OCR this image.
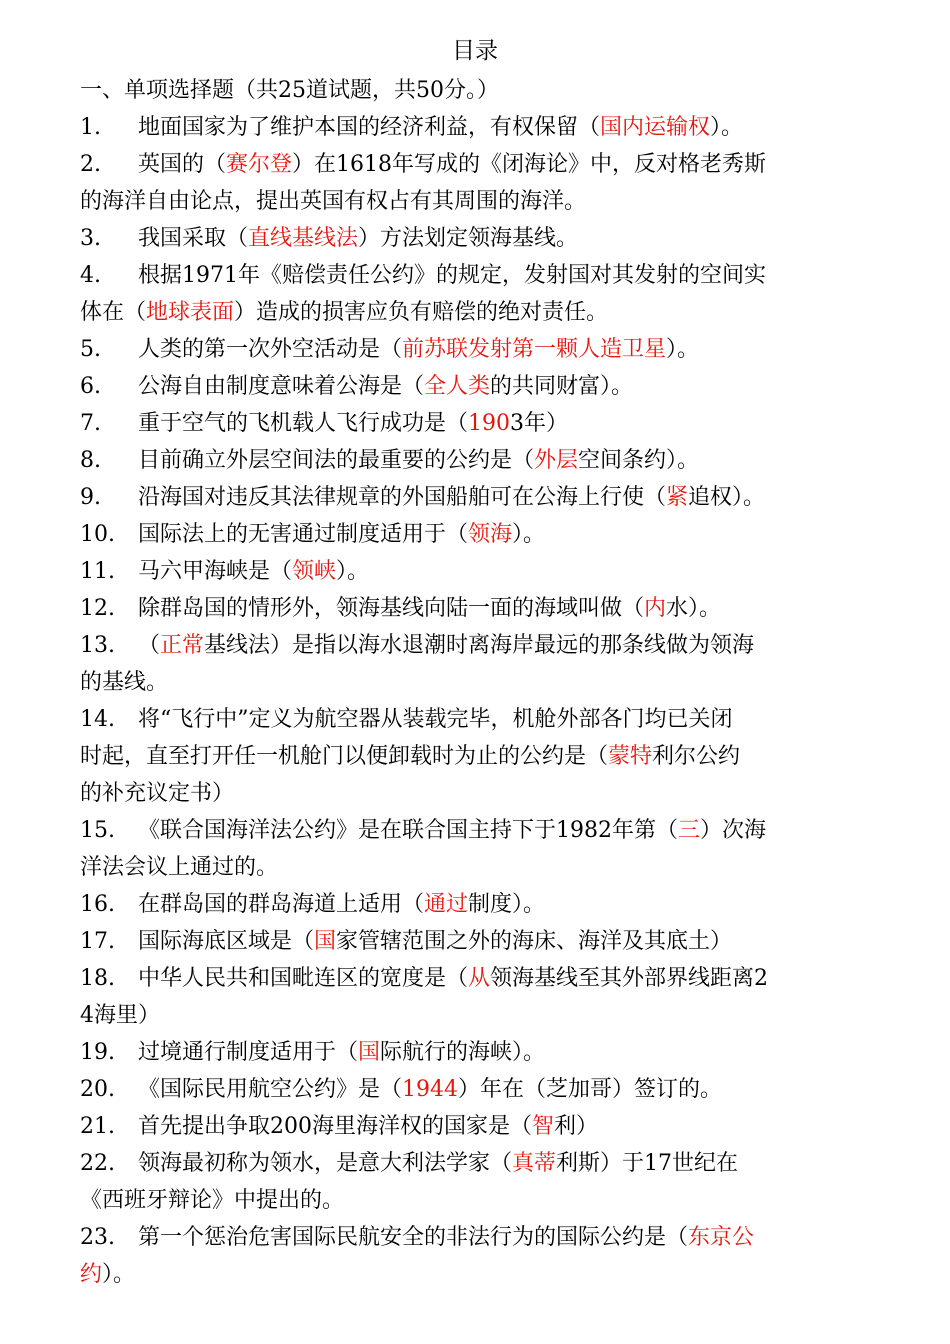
目录
一、单项选择题（共25道试题，共50分。）
1. 地面国家为了维护本国的经济利益，有权保留（国内运输权）。
2. 英国的（赛尔登）在1618年写成的《闭海论》中，反对格老秀斯
的海洋自由论点，提出英国有权占有其周围的海洋。
3. 我国采取（直线基线法）方法划定领海基线。
4. 根据1971年《赔偿责任公约》的规定，发射国对其发射的空间实
体在（地球表面）造成的损害应负有赔偿的绝对责任。
5. 人类的第一次外空活动是（前苏联发射第一颗人造卫星）。
6. 公海自由制度意味着公海是（全人类的共同财富）。
7. 重于空气的飞机载人飞行成功是（1903年）
8. 目前确立外层空间法的最重要的公约是（外层空间条约）。
9. 沿海国对违反其法律规章的外国船舶可在公海上行使（紧追权）。
10. 国际法上的无害通过制度适用于（领海）。
11. 马六甲海峡是（领峡）。
12. 除群岛国的情形外，领海基线向陆一面的海域叫做（内水）。
13. （正常基线法）是指以海水退潮时离海岸最远的那条线做为领海
的基线。
14. 将“飞行中”定义为航空器从装载完毕，机舱外部各门均已关闭
时起，直至打开任一机舱门以便卸载时为止的公约是（蒙特利尔公约
的补充议定书）
15. 《联合国海洋法公约》是在联合国主持下于1982年第（三）次海
洋法会议上通过的。
16. 在群岛国的群岛海道上适用（通过制度）。
17. 国际海底区域是（国家管辖范围之外的海床、海洋及其底土）
18. 中华人民共和国毗连区的宽度是（从领海基线至其外部界线距离2
4海里）
19. 过境通行制度适用于（国际航行的海峡）。
20. 《国际民用航空公约》是（1944）年在（芝加哥）签订的。
21. 首先提出争取200海里海洋权的国家是（智利）
22. 领海最初称为领水，是意大利法学家（真蒂利斯）于17世纪在
《西班牙辩论》中提出的。
23. 第一个惩治危害国际民航安全的非法行为的国际公约是（东京公
约）。
